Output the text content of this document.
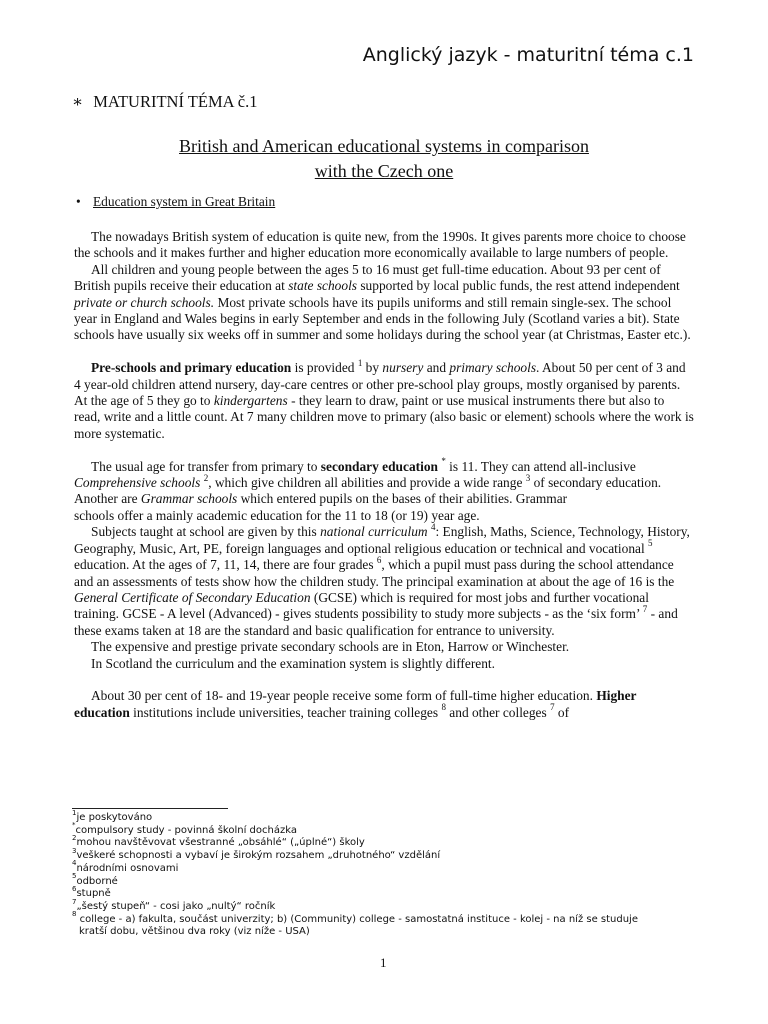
Anglický jazyk - maturitní téma c.1
∗ MATURITNÍ TÉMA č.1
British and American educational systems in comparison
with the Czech one
• Education system in Great Britain

The nowadays British system of education is quite new, from the 1990s. It gives parents more choice to choose the schools and it makes further and higher education more economically available to large numbers of people.

All children and young people between the ages 5 to 16 must get full-time education. About 93 per cent of British pupils receive their education at state schools supported by local public funds, the rest attend independent private or church schools. Most private schools have its pupils uniforms and still remain single-sex. The school year in England and Wales begins in early September and ends in the following July (Scotland varies a bit). State schools have usually six weeks off in summer and some holidays during the school year (at Christmas, Easter etc.).

Pre-schools and primary education is provided $^1$ by nursery and primary schools. About 50 per cent of 3 and 4 year-old children attend nursery, day-care centres or other pre-school play groups, mostly organised by parents. At the age of 5 they go to kindergartens - they learn to draw, paint or use musical instruments there but also to read, write and a little count. At 7 many children move to primary (also basic or element) schools where the work is more systematic.

The usual age for transfer from primary to secondary education * is 11. They can attend all-inclusive Comprehensive schools $^2$, which give children all abilities and provide a wide range $^3$ of secondary education. Another are Grammar schools which entered pupils on the bases of their abilities. Grammar

schools offer a mainly academic education for the 11 to 18 (or 19) year age.

Subjects taught at school are given by this national curriculum $^4$: English, Maths, Science, Technology, History, Geography, Music, Art, PE, foreign languages and optional religious education or technical and vocational $^5$ education. At the ages of 7, 11, 14, there are four grades $^6$, which a pupil must pass during the school attendance and an assessments of tests show how the children study. The principal examination at about the age of 16 is the General Certificate of Secondary Education (GCSE) which is required for most jobs and further vocational training. GCSE - A level (Advanced) - gives students possibility to study more subjects - as the ‘six form’ $^7$ - and these exams taken at 18 are the standard and basic qualification for entrance to university.

The expensive and prestige private secondary schools are in Eton, Harrow or Winchester.

In Scotland the curriculum and the examination system is slightly different.

About 30 per cent of 18- and 19-year people receive some form of full-time higher education. Higher education institutions include universities, teacher training colleges $^8$ and other colleges $^7$ of

$^1$je poskytováno
*compulsory study - povinná školní docházka
$^2$mohou navštěvovat všestranné „obsáhlé“ („úplné“) školy
$^3$veškeré schopnosti a vybaví je širokým rozsahem „druhotného“ vzdělání
$^4$národními osnovami
$^5$odborné
$^6$stupně
$^7$„šestý stupeň“ - cosi jako „nultý“ ročník
$^8$ college - a) fakulta, součást univerzity; b) (Community) college - samostatná instituce - kolej - na níž se studuje
kratší dobu, většinou dva roky (viz níže - USA)
1
